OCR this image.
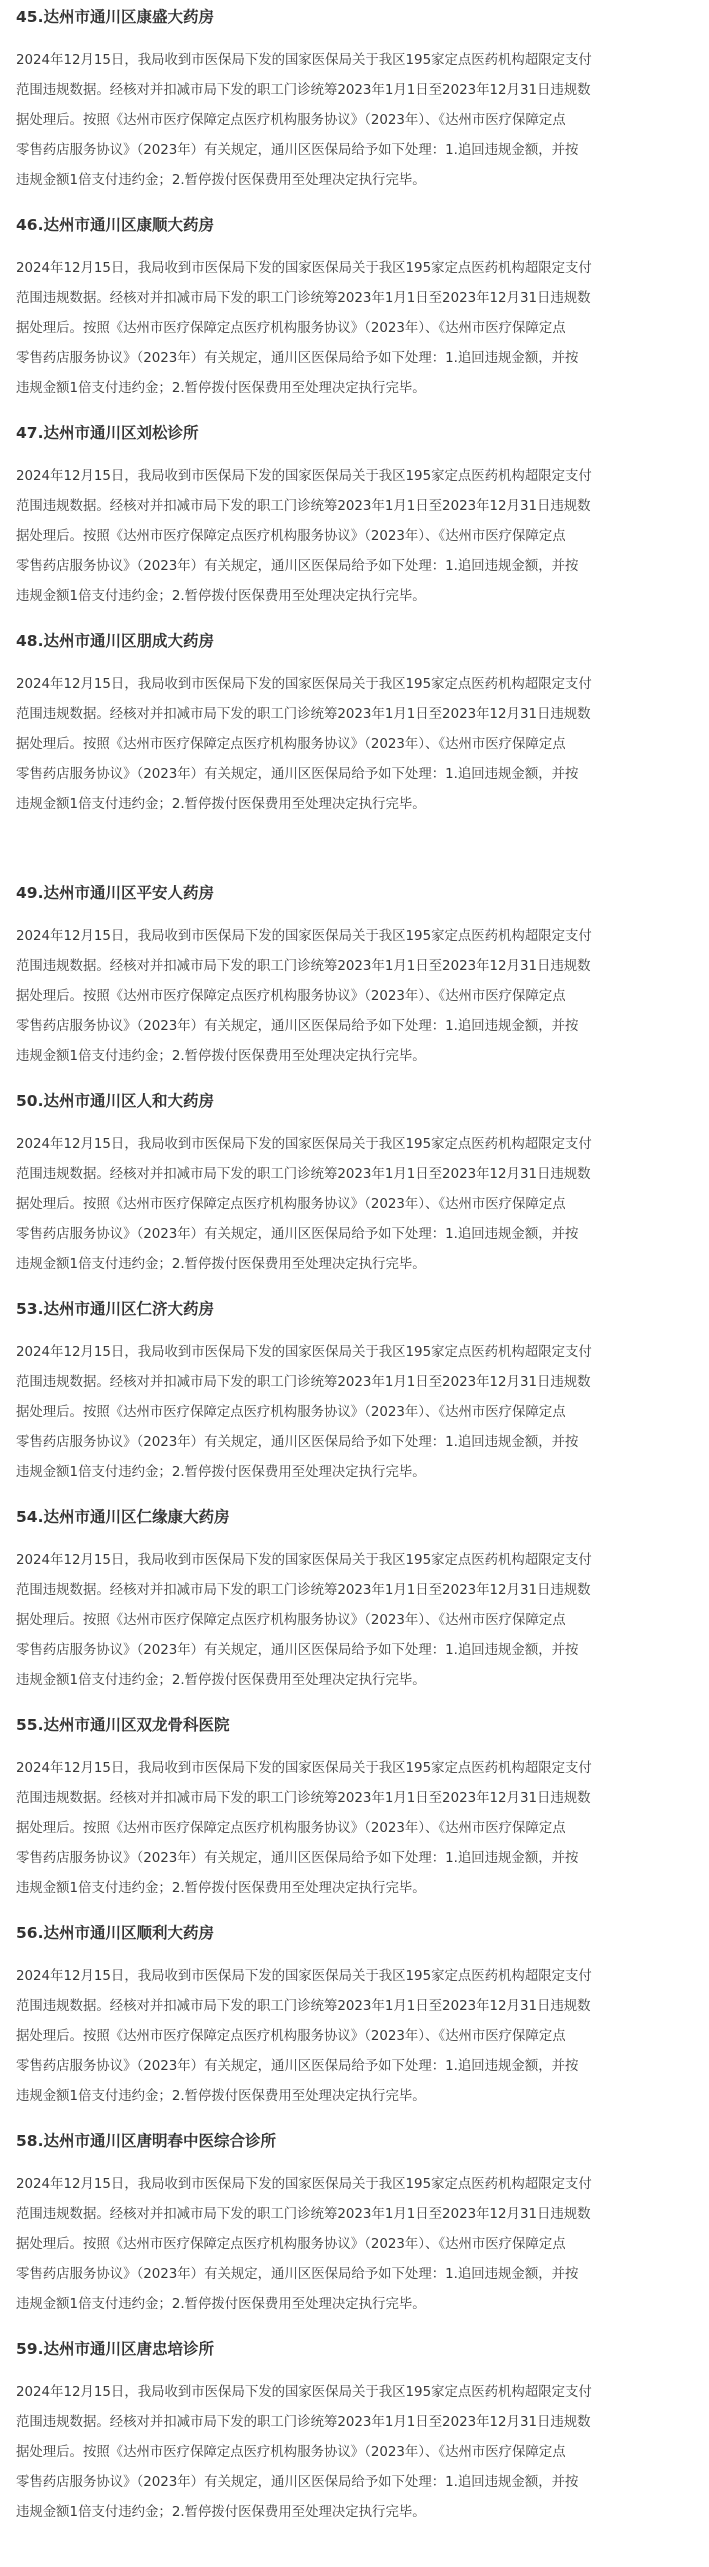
45.达州市通川区康盛大药房

2024年12月15日，我局收到市医保局下发的国家医保局关于我区195家定点医药机构超限定支付
范围违规数据。经核对并扣减市局下发的职工门诊统筹2023年1月1日至2023年12月31日违规数
据处理后。按照《达州市医疗保障定点医疗机构服务协议》（2023年）、《达州市医疗保障定点
零售药店服务协议》（2023年）有关规定，通川区医保局给予如下处理：1.追回违规金额，并按
违规金额1倍支付违约金；2.暂停拨付医保费用至处理决定执行完毕。

46.达州市通川区康顺大药房

2024年12月15日，我局收到市医保局下发的国家医保局关于我区195家定点医药机构超限定支付
范围违规数据。经核对并扣减市局下发的职工门诊统筹2023年1月1日至2023年12月31日违规数
据处理后。按照《达州市医疗保障定点医疗机构服务协议》（2023年）、《达州市医疗保障定点
零售药店服务协议》（2023年）有关规定，通川区医保局给予如下处理：1.追回违规金额，并按
违规金额1倍支付违约金；2.暂停拨付医保费用至处理决定执行完毕。

47.达州市通川区刘松诊所

2024年12月15日，我局收到市医保局下发的国家医保局关于我区195家定点医药机构超限定支付
范围违规数据。经核对并扣减市局下发的职工门诊统筹2023年1月1日至2023年12月31日违规数
据处理后。按照《达州市医疗保障定点医疗机构服务协议》（2023年）、《达州市医疗保障定点
零售药店服务协议》（2023年）有关规定，通川区医保局给予如下处理：1.追回违规金额，并按
违规金额1倍支付违约金；2.暂停拨付医保费用至处理决定执行完毕。

48.达州市通川区朋成大药房

2024年12月15日，我局收到市医保局下发的国家医保局关于我区195家定点医药机构超限定支付
范围违规数据。经核对并扣减市局下发的职工门诊统筹2023年1月1日至2023年12月31日违规数
据处理后。按照《达州市医疗保障定点医疗机构服务协议》（2023年）、《达州市医疗保障定点
零售药店服务协议》（2023年）有关规定，通川区医保局给予如下处理：1.追回违规金额，并按
违规金额1倍支付违约金；2.暂停拨付医保费用至处理决定执行完毕。

49.达州市通川区平安人药房

2024年12月15日，我局收到市医保局下发的国家医保局关于我区195家定点医药机构超限定支付
范围违规数据。经核对并扣减市局下发的职工门诊统筹2023年1月1日至2023年12月31日违规数
据处理后。按照《达州市医疗保障定点医疗机构服务协议》（2023年）、《达州市医疗保障定点
零售药店服务协议》（2023年）有关规定，通川区医保局给予如下处理：1.追回违规金额，并按
违规金额1倍支付违约金；2.暂停拨付医保费用至处理决定执行完毕。

50.达州市通川区人和大药房

2024年12月15日，我局收到市医保局下发的国家医保局关于我区195家定点医药机构超限定支付
范围违规数据。经核对并扣减市局下发的职工门诊统筹2023年1月1日至2023年12月31日违规数
据处理后。按照《达州市医疗保障定点医疗机构服务协议》（2023年）、《达州市医疗保障定点
零售药店服务协议》（2023年）有关规定，通川区医保局给予如下处理：1.追回违规金额，并按
违规金额1倍支付违约金；2.暂停拨付医保费用至处理决定执行完毕。

53.达州市通川区仁济大药房

2024年12月15日，我局收到市医保局下发的国家医保局关于我区195家定点医药机构超限定支付
范围违规数据。经核对并扣减市局下发的职工门诊统筹2023年1月1日至2023年12月31日违规数
据处理后。按照《达州市医疗保障定点医疗机构服务协议》（2023年）、《达州市医疗保障定点
零售药店服务协议》（2023年）有关规定，通川区医保局给予如下处理：1.追回违规金额，并按
违规金额1倍支付违约金；2.暂停拨付医保费用至处理决定执行完毕。

54.达州市通川区仁缘康大药房

2024年12月15日，我局收到市医保局下发的国家医保局关于我区195家定点医药机构超限定支付
范围违规数据。经核对并扣减市局下发的职工门诊统筹2023年1月1日至2023年12月31日违规数
据处理后。按照《达州市医疗保障定点医疗机构服务协议》（2023年）、《达州市医疗保障定点
零售药店服务协议》（2023年）有关规定，通川区医保局给予如下处理：1.追回违规金额，并按
违规金额1倍支付违约金；2.暂停拨付医保费用至处理决定执行完毕。

55.达州市通川区双龙骨科医院

2024年12月15日，我局收到市医保局下发的国家医保局关于我区195家定点医药机构超限定支付
范围违规数据。经核对并扣减市局下发的职工门诊统筹2023年1月1日至2023年12月31日违规数
据处理后。按照《达州市医疗保障定点医疗机构服务协议》（2023年）、《达州市医疗保障定点
零售药店服务协议》（2023年）有关规定，通川区医保局给予如下处理：1.追回违规金额，并按
违规金额1倍支付违约金；2.暂停拨付医保费用至处理决定执行完毕。

56.达州市通川区顺利大药房

2024年12月15日，我局收到市医保局下发的国家医保局关于我区195家定点医药机构超限定支付
范围违规数据。经核对并扣减市局下发的职工门诊统筹2023年1月1日至2023年12月31日违规数
据处理后。按照《达州市医疗保障定点医疗机构服务协议》（2023年）、《达州市医疗保障定点
零售药店服务协议》（2023年）有关规定，通川区医保局给予如下处理：1.追回违规金额，并按
违规金额1倍支付违约金；2.暂停拨付医保费用至处理决定执行完毕。

58.达州市通川区唐明春中医综合诊所

2024年12月15日，我局收到市医保局下发的国家医保局关于我区195家定点医药机构超限定支付
范围违规数据。经核对并扣减市局下发的职工门诊统筹2023年1月1日至2023年12月31日违规数
据处理后。按照《达州市医疗保障定点医疗机构服务协议》（2023年）、《达州市医疗保障定点
零售药店服务协议》（2023年）有关规定，通川区医保局给予如下处理：1.追回违规金额，并按
违规金额1倍支付违约金；2.暂停拨付医保费用至处理决定执行完毕。

59.达州市通川区唐忠培诊所

2024年12月15日，我局收到市医保局下发的国家医保局关于我区195家定点医药机构超限定支付
范围违规数据。经核对并扣减市局下发的职工门诊统筹2023年1月1日至2023年12月31日违规数
据处理后。按照《达州市医疗保障定点医疗机构服务协议》（2023年）、《达州市医疗保障定点
零售药店服务协议》（2023年）有关规定，通川区医保局给予如下处理：1.追回违规金额，并按
违规金额1倍支付违约金；2.暂停拨付医保费用至处理决定执行完毕。
